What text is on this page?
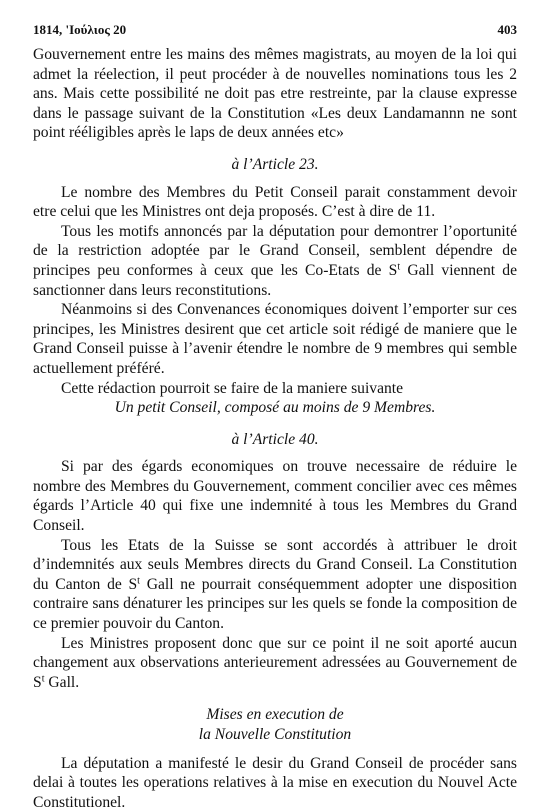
1814, 'Ιούλιος 20	403

Gouvernement entre les mains des mêmes magistrats, au moyen de la loi qui admet la réelection, il peut procéder à de nouvelles nominations tous les 2 ans. Mais cette possibilité ne doit pas etre restreinte, par la clause expresse dans le passage suivant de la Constitution «Les deux Landamannn ne sont point rééligibles après le laps de deux années etc»

à l’Article 23.

Le nombre des Membres du Petit Conseil parait constamment devoir etre celui que les Ministres ont deja proposés. C’est à dire de 11.

Tous les motifs annoncés par la députation pour demontrer l’oportunité de la restriction adoptée par le Grand Conseil, semblent dépendre de principes peu conformes à ceux que les Co-Etats de $S^t$ Gall viennent de sanctionner dans leurs reconstitutions.

Néanmoins si des Convenances économiques doivent l’emporter sur ces principes, les Ministres desirent que cet article soit rédigé de maniere que le Grand Conseil puisse à l’avenir étendre le nombre de 9 membres qui semble actuellement préféré.

Cette rédaction pourroit se faire de la maniere suivante

Un petit Conseil, composé au moins de 9 Membres.
à l’Article 40.

Si par des égards economiques on trouve necessaire de réduire le nombre des Membres du Gouvernement, comment concilier avec ces mêmes égards l’Article 40 qui fixe une indemnité à tous les Membres du Grand Conseil.

Tous les Etats de la Suisse se sont accordés à attribuer le droit d’indemnités aux seuls Membres directs du Grand Conseil. La Constitution du Canton de $S^t$ Gall ne pourrait conséquemment adopter une disposition contraire sans dénaturer les principes sur les quels se fonde la composition de ce premier pouvoir du Canton.

Les Ministres proposent donc que sur ce point il ne soit aporté aucun changement aux observations anterieurement adressées au Gouvernement de $S^t$ Gall.

Mises en execution de
la Nouvelle Constitution

La députation a manifesté le desir du Grand Conseil de procéder sans delai à toutes les operations relatives à la mise en execution du Nouvel Acte Constitutionel.
